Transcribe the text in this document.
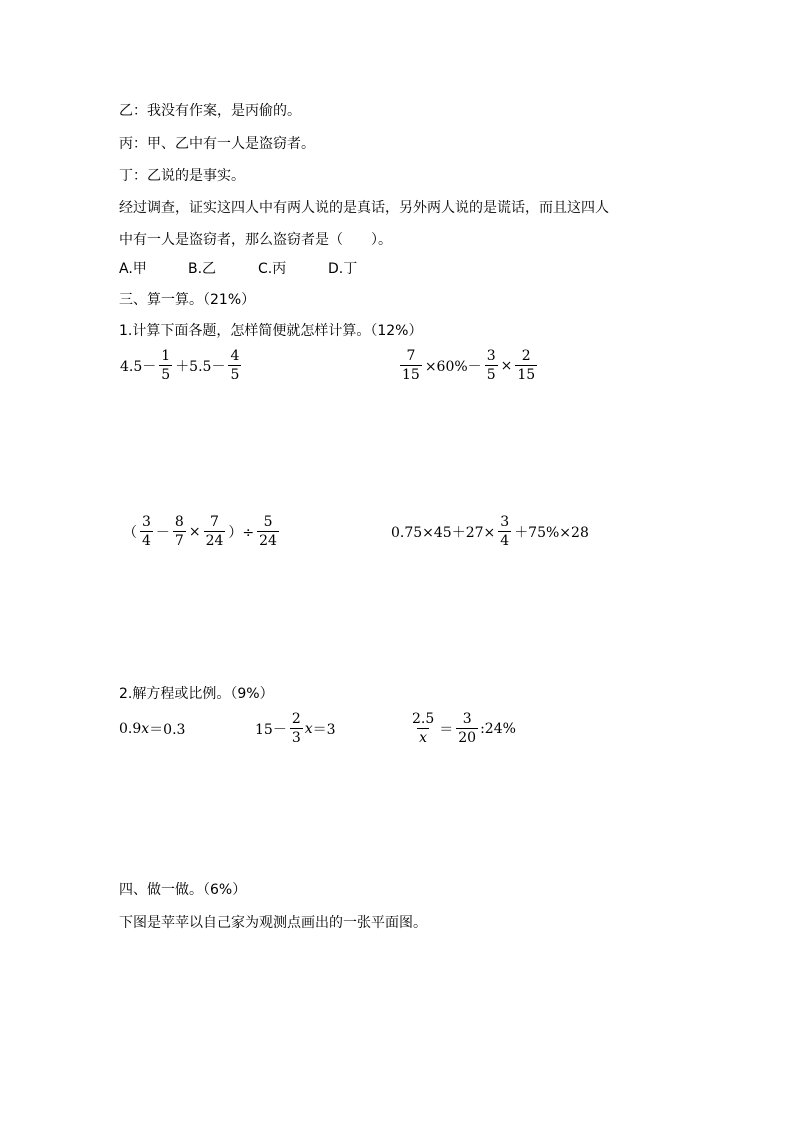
乙：我没有作案，是丙偷的。
丙：甲、乙中有一人是盗窃者。
丁：乙说的是事实。
经过调查，证实这四人中有两人说的是真话，另外两人说的是谎话，而且这四人
中有一人是盗窃者，那么盗窃者是（　　）。
A.甲	B.乙	C.丙	D.丁
三、算一算。（21%）
1.计算下面各题，怎样简便就怎样计算。（12%）
$4.5- \frac{1}{5} +5.5- \frac{4}{5}$	$\frac{7}{15} \times 60\%- \frac{3}{5} \times \frac{2}{15}$
（ $\frac{3}{4} - \frac{8}{7} \times \frac{7}{24}$ ）÷ $\frac{5}{24}$	$0.75\times 45+27\times \frac{3}{4} +75\%\times 28$
2.解方程或比例。（9%）
0.9 x ＝0.3	$15- \frac{2}{3}$ x ＝3	$\frac{2.5}{x} = \frac{3}{20}$ :24%
四、做一做。（6%）
下图是苹苹以自己家为观测点画出的一张平面图。
